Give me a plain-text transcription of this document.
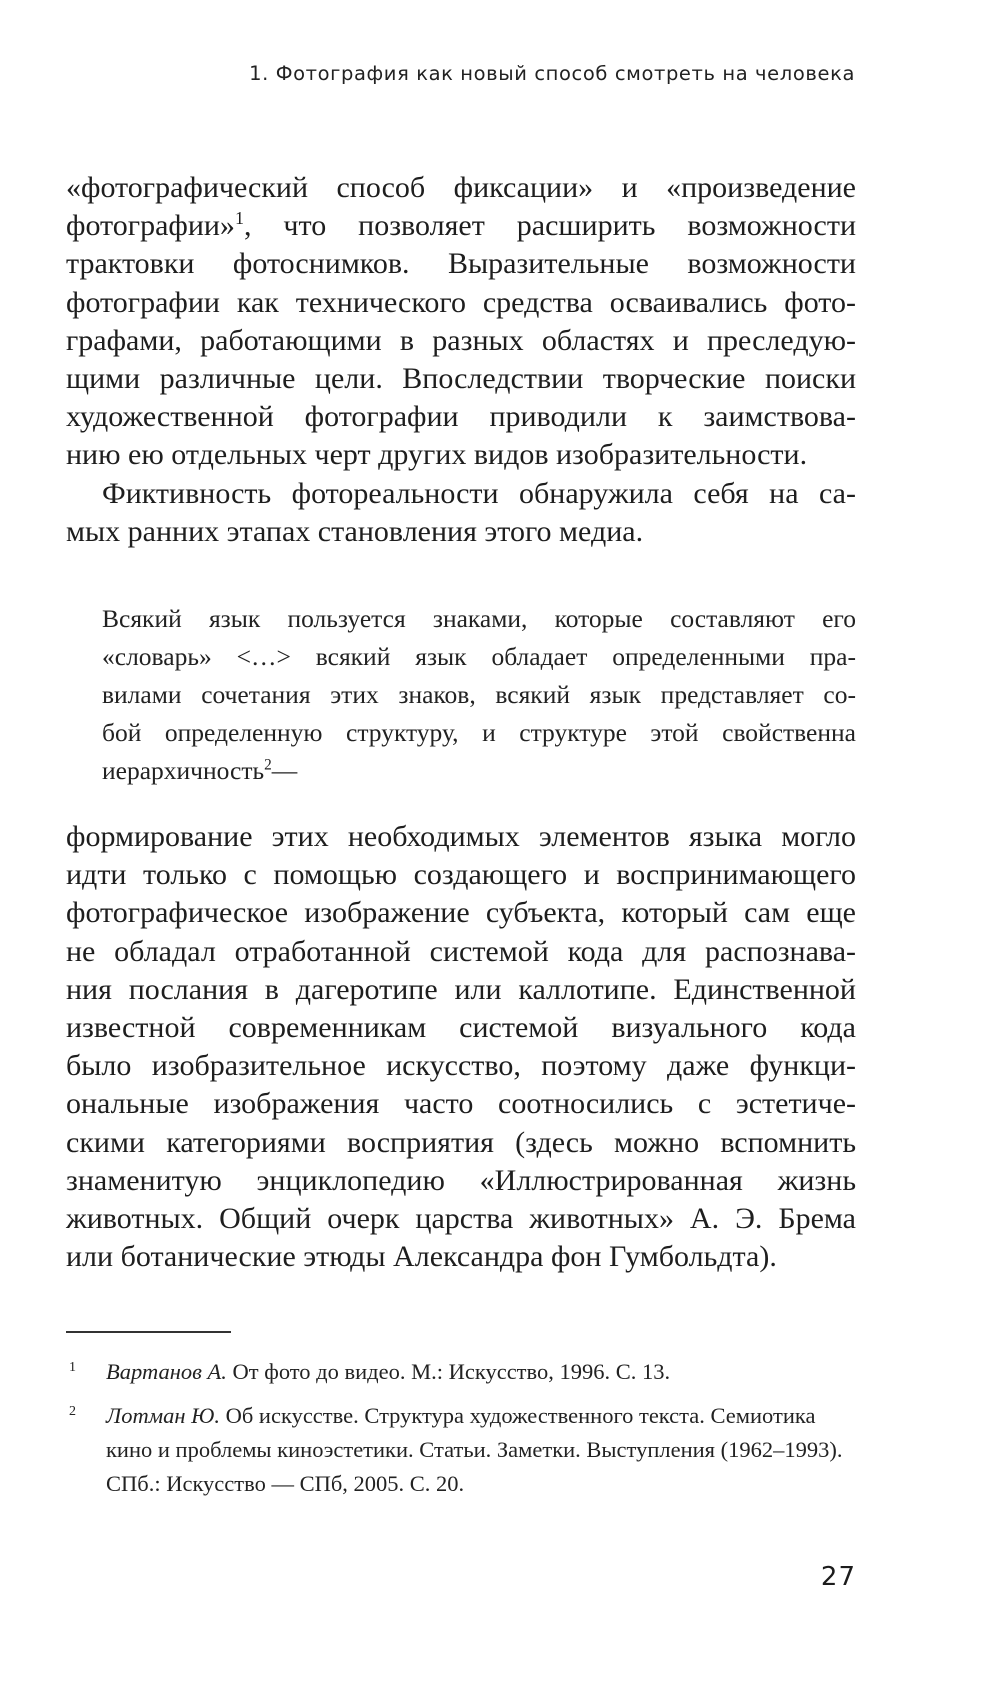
1. Фотография как новый способ смотреть на человека
«фотографический способ фиксации» и «произведение
фотографии»$^1$, что позволяет расширить возможности
трактовки фотоснимков. Выразительные возможности
фотографии как технического средства осваивались фото-
графами, работающими в разных областях и преследую-
щими различные цели. Впоследствии творческие поиски
художественной фотографии приводили к заимствова-
нию ею отдельных черт других видов изобразительности.
Фиктивность фотореальности обнаружила себя на са-
мых ранних этапах становления этого медиа.
Всякий язык пользуется знаками, которые составляют его
«словарь» <…> всякий язык обладает определенными пра-
вилами сочетания этих знаков, всякий язык представляет со-
бой определенную структуру, и структуре этой свойственна
иерархичность$^2$—
формирование этих необходимых элементов языка могло
идти только с помощью создающего и воспринимающего
фотографическое изображение субъекта, который сам еще
не обладал отработанной системой кода для распознава-
ния послания в дагеротипе или каллотипе. Единственной
известной современникам системой визуального кода
было изобразительное искусство, поэтому даже функци-
ональные изображения часто соотносились с эстетиче-
скими категориями восприятия (здесь можно вспомнить
знаменитую энциклопедию «Иллюстрированная жизнь
животных. Общий очерк царства животных» А. Э. Брема
или ботанические этюды Александра фон Гумбольдта).
1 Вартанов А. От фото до видео. М.: Искусство, 1996. С. 13.
2 Лотман Ю. Об искусстве. Структура художественного текста. Семиотика кино и проблемы киноэстетики. Статьи. Заметки. Выступления (1962–1993). СПб.: Искусство — СПб, 2005. С. 20.
27
